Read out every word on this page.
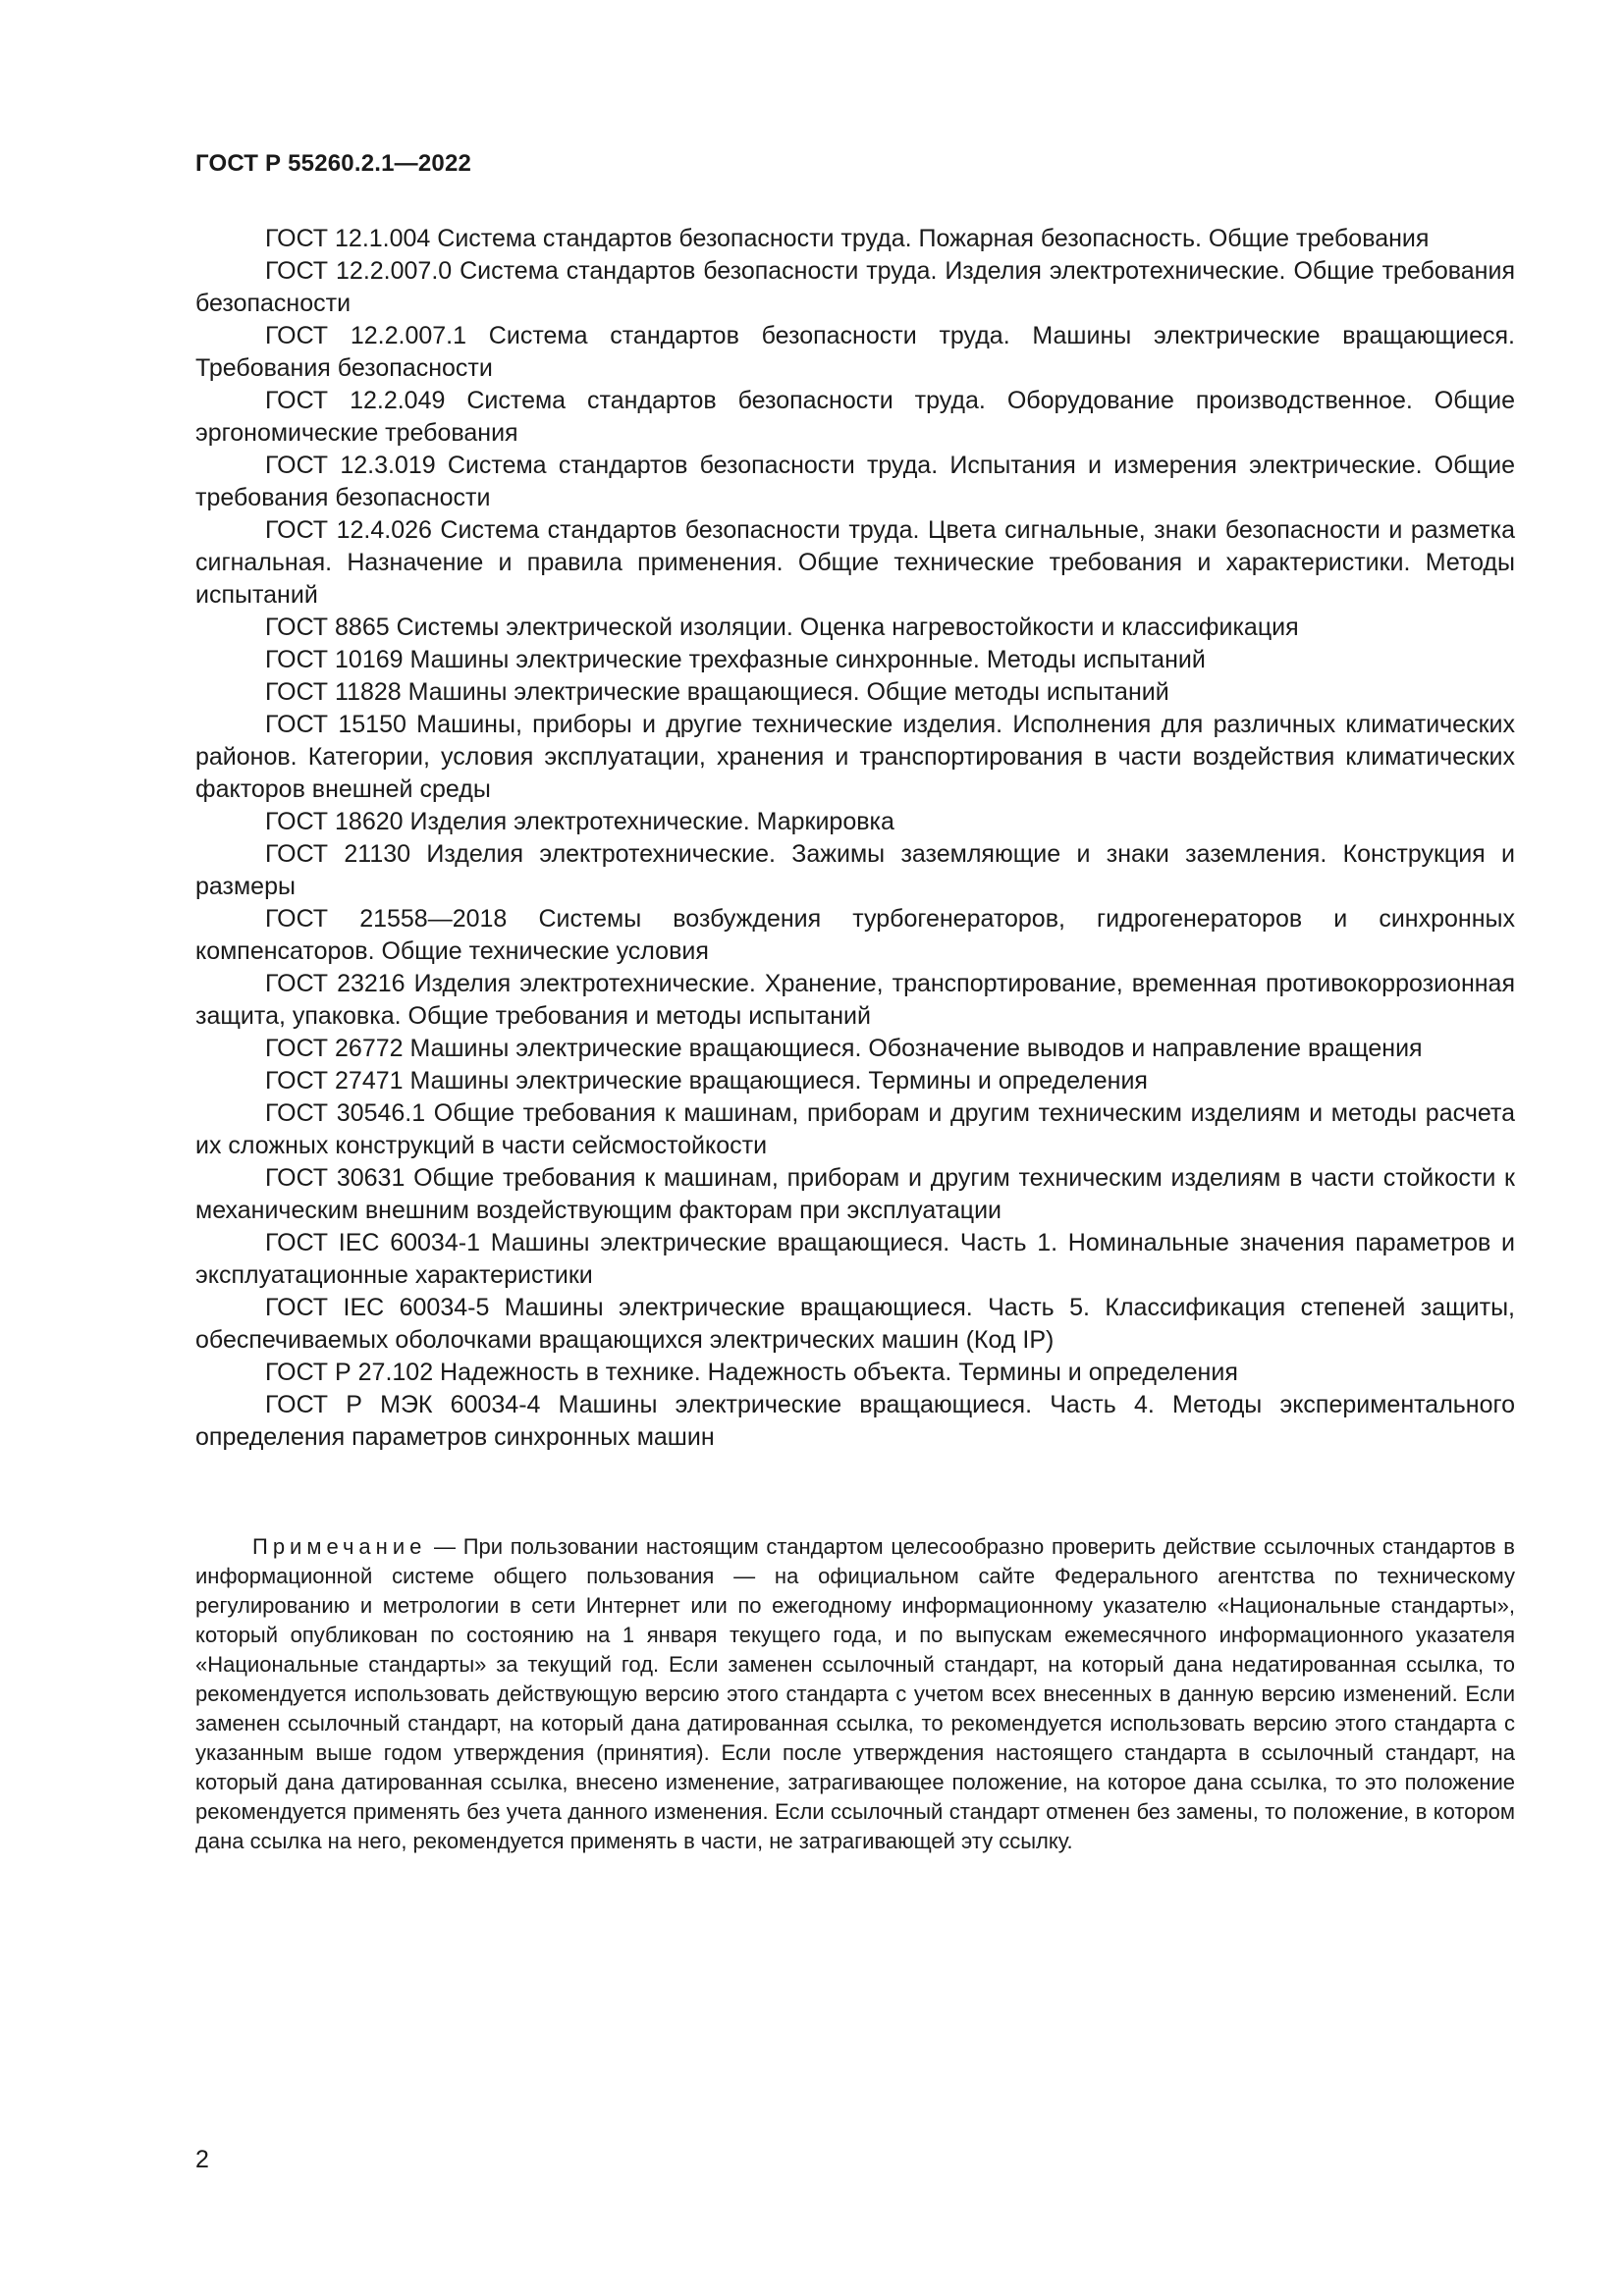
ГОСТ Р 55260.2.1—2022

ГОСТ 12.1.004 Система стандартов безопасности труда. Пожарная безопасность. Общие требования

ГОСТ 12.2.007.0 Система стандартов безопасности труда. Изделия электротехнические. Общие требования безопасности

ГОСТ 12.2.007.1 Система стандартов безопасности труда. Машины электрические вращающиеся. Требования безопасности

ГОСТ 12.2.049 Система стандартов безопасности труда. Оборудование производственное. Общие эргономические требования

ГОСТ 12.3.019 Система стандартов безопасности труда. Испытания и измерения электрические. Общие требования безопасности

ГОСТ 12.4.026 Система стандартов безопасности труда. Цвета сигнальные, знаки безопасности и разметка сигнальная. Назначение и правила применения. Общие технические требования и характеристики. Методы испытаний

ГОСТ 8865 Системы электрической изоляции. Оценка нагревостойкости и классификация

ГОСТ 10169 Машины электрические трехфазные синхронные. Методы испытаний

ГОСТ 11828 Машины электрические вращающиеся. Общие методы испытаний

ГОСТ 15150 Машины, приборы и другие технические изделия. Исполнения для различных климатических районов. Категории, условия эксплуатации, хранения и транспортирования в части воздействия климатических факторов внешней среды

ГОСТ 18620 Изделия электротехнические. Маркировка

ГОСТ 21130 Изделия электротехнические. Зажимы заземляющие и знаки заземления. Конструкция и размеры

ГОСТ 21558—2018 Системы возбуждения турбогенераторов, гидрогенераторов и синхронных компенсаторов. Общие технические условия

ГОСТ 23216 Изделия электротехнические. Хранение, транспортирование, временная противокоррозионная защита, упаковка. Общие требования и методы испытаний

ГОСТ 26772 Машины электрические вращающиеся. Обозначение выводов и направление вращения

ГОСТ 27471 Машины электрические вращающиеся. Термины и определения

ГОСТ 30546.1 Общие требования к машинам, приборам и другим техническим изделиям и методы расчета их сложных конструкций в части сейсмостойкости

ГОСТ 30631 Общие требования к машинам, приборам и другим техническим изделиям в части стойкости к механическим внешним воздействующим факторам при эксплуатации

ГОСТ IEC 60034-1 Машины электрические вращающиеся. Часть 1. Номинальные значения параметров и эксплуатационные характеристики

ГОСТ IEC 60034-5 Машины электрические вращающиеся. Часть 5. Классификация степеней защиты, обеспечиваемых оболочками вращающихся электрических машин (Код IP)

ГОСТ Р 27.102 Надежность в технике. Надежность объекта. Термины и определения

ГОСТ Р МЭК 60034-4 Машины электрические вращающиеся. Часть 4. Методы экспериментального определения параметров синхронных машин

Примечание — При пользовании настоящим стандартом целесообразно проверить действие ссылочных стандартов в информационной системе общего пользования — на официальном сайте Федерального агентства по техническому регулированию и метрологии в сети Интернет или по ежегодному информационному указателю «Национальные стандарты», который опубликован по состоянию на 1 января текущего года, и по выпускам ежемесячного информационного указателя «Национальные стандарты» за текущий год. Если заменен ссылочный стандарт, на который дана недатированная ссылка, то рекомендуется использовать действующую версию этого стандарта с учетом всех внесенных в данную версию изменений. Если заменен ссылочный стандарт, на который дана датированная ссылка, то рекомендуется использовать версию этого стандарта с указанным выше годом утверждения (принятия). Если после утверждения настоящего стандарта в ссылочный стандарт, на который дана датированная ссылка, внесено изменение, затрагивающее положение, на которое дана ссылка, то это положение рекомендуется применять без учета данного изменения. Если ссылочный стандарт отменен без замены, то положение, в котором дана ссылка на него, рекомендуется применять в части, не затрагивающей эту ссылку.

2
